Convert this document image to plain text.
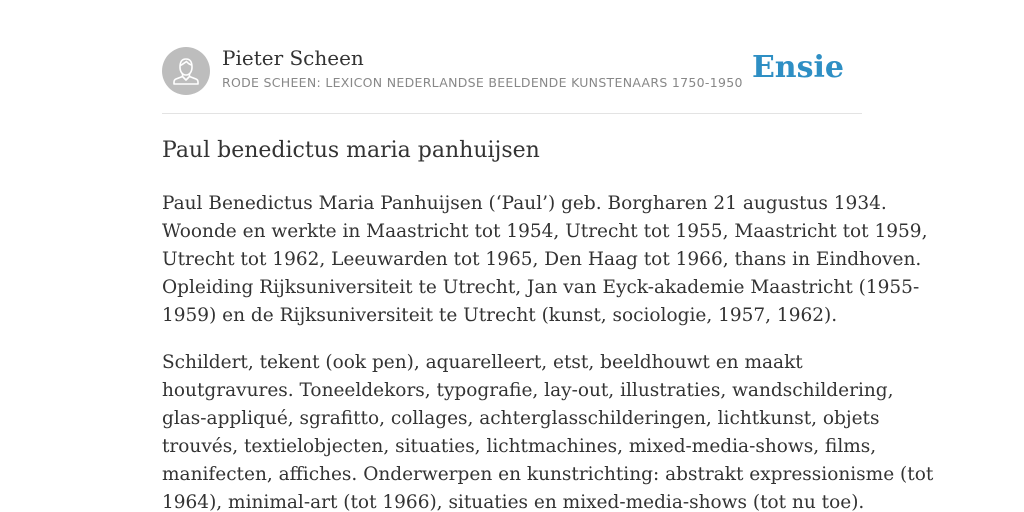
Pieter Scheen
RODE SCHEEN: LEXICON NEDERLANDSE BEELDENDE KUNSTENAARS 1750-1950 Ensie
Paul benedictus maria panhuijsen

Paul Benedictus Maria Panhuijsen (‘Paul’) geb. Borgharen 21 augustus 1934.
Woonde en werkte in Maastricht tot 1954, Utrecht tot 1955, Maastricht tot 1959,
Utrecht tot 1962, Leeuwarden tot 1965, Den Haag tot 1966, thans in Eindhoven.
Opleiding Rijksuniversiteit te Utrecht, Jan van Eyck-akademie Maastricht (1955-
1959) en de Rijksuniversiteit te Utrecht (kunst, sociologie, 1957, 1962).

Schildert, tekent (ook pen), aquarelleert, etst, beeldhouwt en maakt
houtgravures. Toneeldekors, typografie, lay-out, illustraties, wandschildering,
glas-appliqué, sgrafitto, collages, achterglasschilderingen, lichtkunst, objets
trouvés, textielobjecten, situaties, lichtmachines, mixed-media-shows, films,
manifecten, affiches. Onderwerpen en kunstrichting: abstrakt expressionisme (tot
1964), minimal-art (tot 1966), situaties en mixed-media-shows (tot nu toe).
